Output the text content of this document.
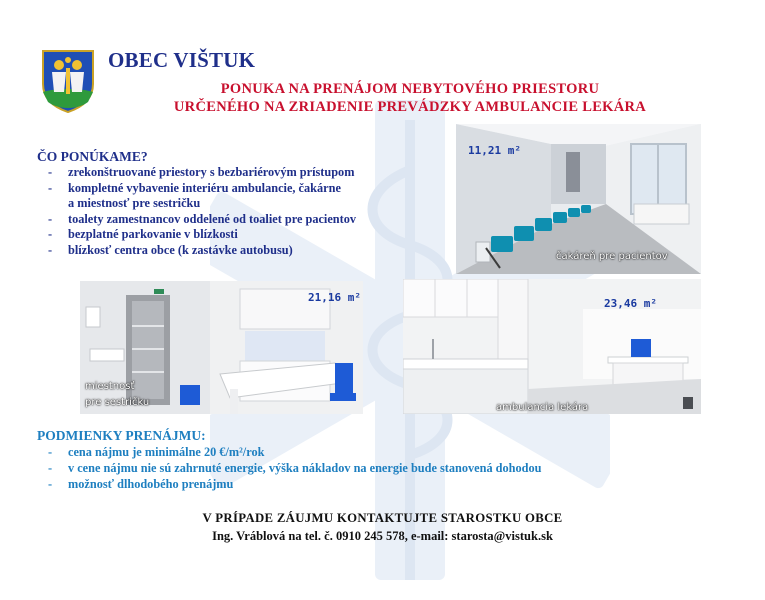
OBEC VIŠTUK
PONUKA NA PRENÁJOM NEBYTOVÉHO PRIESTORU
URČENÉHO NA ZRIADENIE PREVÁDZKY AMBULANCIE LEKÁRA
ČO PONÚKAME?
-	zrekonštruované priestory s bezbariérovým prístupom
-	kompletné vybavenie interiéru ambulancie, čakárne
a miestnosť pre sestričku
-	toalety zamestnancov oddelené od toaliet pre pacientov
-	bezplatné parkovanie v blízkosti
-	blízkosť centra obce (k zastávke autobusu)
11,21 m²
čakáreň pre pacientov
21,16 m²
miestnosť
pre sestričku
23,46 m²
ambulancia lekára
PODMIENKY PRENÁJMU:
-	cena nájmu je minimálne 20 €/m²/rok
-	v cene nájmu nie sú zahrnuté energie, výška nákladov na energie bude stanovená dohodou
-	možnosť dlhodobého prenájmu
V PRÍPADE ZÁUJMU KONTAKTUJTE STAROSTKU OBCE
Ing. Vráblová na tel. č. 0910 245 578, e-mail: starosta@vistuk.sk
